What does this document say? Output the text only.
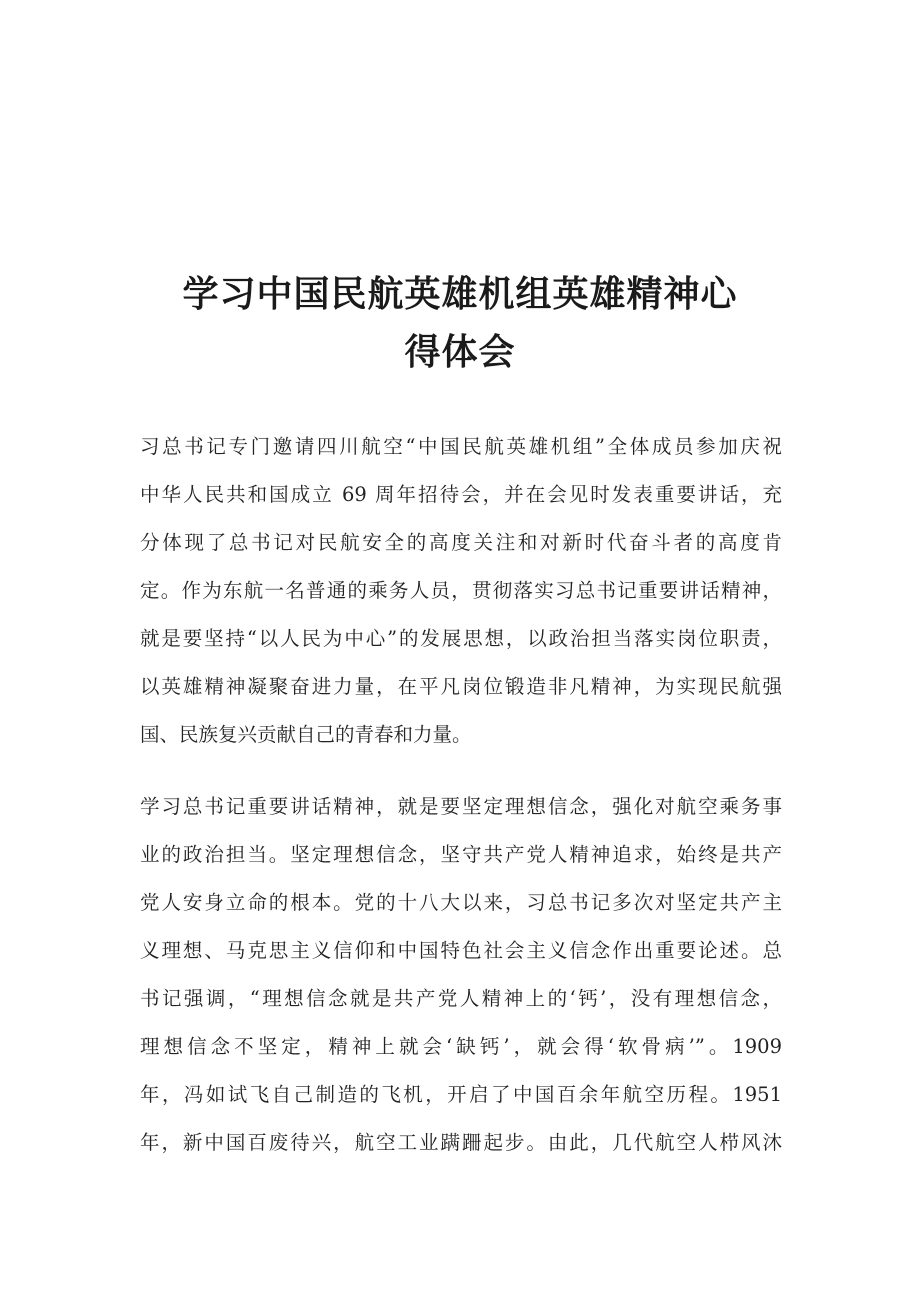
学习中国民航英雄机组英雄精神心
得体会

习总书记专门邀请四川航空“中国民航英雄机组”全体成员参加庆祝
中华人民共和国成立 69 周年招待会，并在会见时发表重要讲话，充
分体现了总书记对民航安全的高度关注和对新时代奋斗者的高度肯
定。作为东航一名普通的乘务人员，贯彻落实习总书记重要讲话精神，
就是要坚持“以人民为中心”的发展思想，以政治担当落实岗位职责，
以英雄精神凝聚奋进力量，在平凡岗位锻造非凡精神，为实现民航强
国、民族复兴贡献自己的青春和力量。

学习总书记重要讲话精神，就是要坚定理想信念，强化对航空乘务事
业的政治担当。坚定理想信念，坚守共产党人精神追求，始终是共产
党人安身立命的根本。党的十八大以来，习总书记多次对坚定共产主
义理想、马克思主义信仰和中国特色社会主义信念作出重要论述。总
书记强调，“理想信念就是共产党人精神上的‘钙’，没有理想信念，
理想信念不坚定，精神上就会‘缺钙’，就会得‘软骨病’”。1909
年，冯如试飞自己制造的飞机，开启了中国百余年航空历程。1951
年，新中国百废待兴，航空工业蹒跚起步。由此，几代航空人栉风沐
